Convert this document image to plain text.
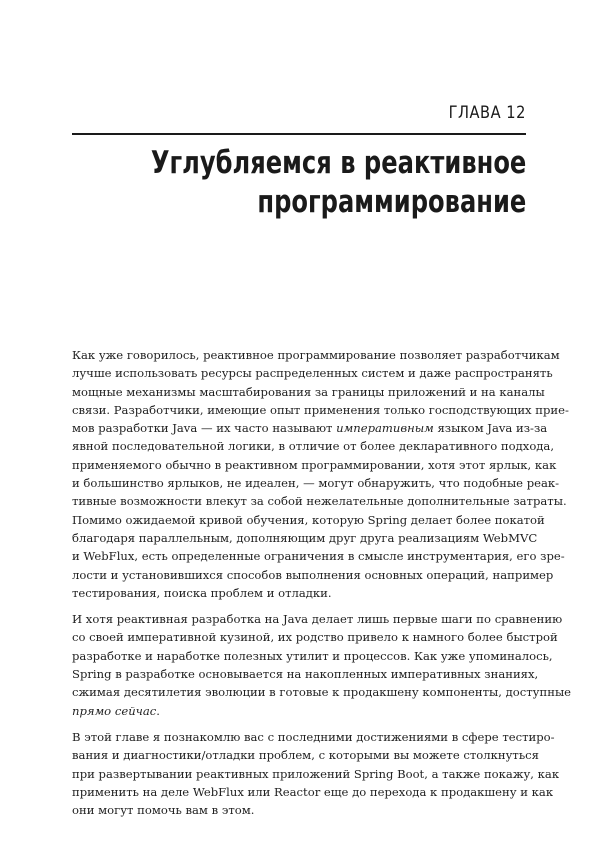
ГЛАВА 12
Углубляемся в реактивное
программирование
Как уже говорилось, реактивное программирование позволяет разработчикам
лучше использовать ресурсы распределенных систем и даже распространять
мощные механизмы масштабирования за границы приложений и на каналы
связи. Разработчики, имеющие опыт применения только господствующих прие-
мов разработки Java — их часто называют императивным языком Java из-за
явной последовательной логики, в отличие от более декларативного подхода,
применяемого обычно в реактивном программировании, хотя этот ярлык, как
и большинство ярлыков, не идеален, — могут обнаружить, что подобные реак-
тивные возможности влекут за собой нежелательные дополнительные затраты.
Помимо ожидаемой кривой обучения, которую Spring делает более покатой
благодаря параллельным, дополняющим друг друга реализациям WebMVC
и WebFlux, есть определенные ограничения в смысле инструментария, его зре-
лости и установившихся способов выполнения основных операций, например
тестирования, поиска проблем и отладки.
И хотя реактивная разработка на Java делает лишь первые шаги по сравнению
со своей императивной кузиной, их родство привело к намного более быстрой
разработке и наработке полезных утилит и процессов. Как уже упоминалось,
Spring в разработке основывается на накопленных императивных знаниях,
сжимая десятилетия эволюции в готовые к продакшену компоненты, доступные
прямо сейчас.
В этой главе я познакомлю вас с последними достижениями в сфере тестиро-
вания и диагностики/отладки проблем, с которыми вы можете столкнуться
при развертывании реактивных приложений Spring Boot, а также покажу, как
применить на деле WebFlux или Reactor еще до перехода к продакшену и как
они могут помочь вам в этом.
